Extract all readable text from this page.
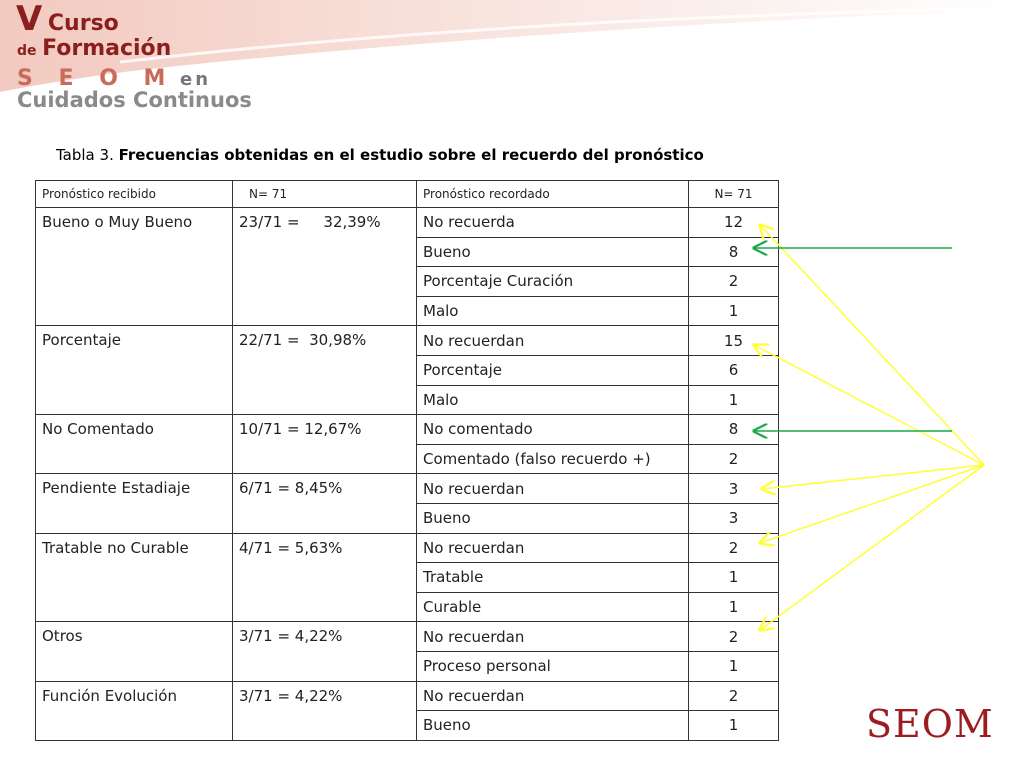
V Curso
de Formación
S E O M en
Cuidados Continuos
Tabla 3. Frecuencias obtenidas en el estudio sobre el recuerdo del pronóstico
Pronóstico recibido	N= 71	Pronóstico recordado	N= 71
Bueno o Muy Bueno	23/71 =     32,39%	No recuerda	12
		Bueno	8
		Porcentaje Curación	2
		Malo	1
Porcentaje	22/71 =  30,98%	No recuerdan	15
		Porcentaje	6
		Malo	1
No Comentado	10/71 = 12,67%	No comentado	8
		Comentado (falso recuerdo +)	2
Pendiente Estadiaje	6/71 = 8,45%	No recuerdan	3
		Bueno	3
Tratable no Curable	4/71 = 5,63%	No recuerdan	2
		Tratable	1
		Curable	1
Otros	3/71 = 4,22%	No recuerdan	2
		Proceso personal	1
Función Evolución	3/71 = 4,22%	No recuerdan	2
		Bueno	1	SEOM
